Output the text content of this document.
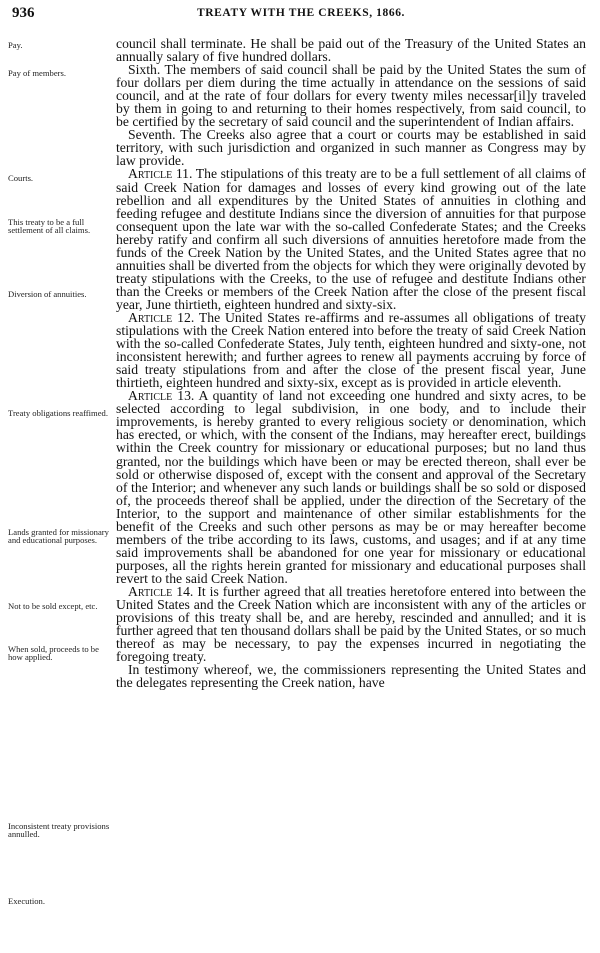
936	TREATY WITH THE CREEKS, 1866.
Pay.
Pay of members.
Courts.
This treaty to be a full settlement of all claims.
Diversion of annuities.
Treaty obligations reaffimed.
Lands granted for missionary and educational purposes.
Not to be sold except, etc.
When sold, proceeds to be how applied.
Inconsistent treaty provisions annulled.
Execution.

council shall terminate. He shall be paid out of the Treasury of the United States an annually salary of five hundred dollars.

Sixth. The members of said council shall be paid by the United States the sum of four dollars per diem during the time actually in attendance on the sessions of said council, and at the rate of four dollars for every twenty miles necessar[il]y traveled by them in going to and returning to their homes respectively, from said council, to be certified by the secretary of said council and the superintendent of Indian affairs.

Seventh. The Creeks also agree that a court or courts may be established in said territory, with such jurisdiction and organized in such manner as Congress may by law provide.

Article 11. The stipulations of this treaty are to be a full settlement of all claims of said Creek Nation for damages and losses of every kind growing out of the late rebellion and all expenditures by the United States of annuities in clothing and feeding refugee and destitute Indians since the diversion of annuities for that purpose consequent upon the late war with the so-called Confederate States; and the Creeks hereby ratify and confirm all such diversions of annuities heretofore made from the funds of the Creek Nation by the United States, and the United States agree that no annuities shall be diverted from the objects for which they were originally devoted by treaty stipulations with the Creeks, to the use of refugee and destitute Indians other than the Creeks or members of the Creek Nation after the close of the present fiscal year, June thirtieth, eighteen hundred and sixty-six.

Article 12. The United States re-affirms and re-assumes all obligations of treaty stipulations with the Creek Nation entered into before the treaty of said Creek Nation with the so-called Confederate States, July tenth, eighteen hundred and sixty-one, not inconsistent herewith; and further agrees to renew all payments accruing by force of said treaty stipulations from and after the close of the present fiscal year, June thirtieth, eighteen hundred and sixty-six, except as is provided in article eleventh.

Article 13. A quantity of land not exceeding one hundred and sixty acres, to be selected according to legal subdivision, in one body, and to include their improvements, is hereby granted to every religious society or denomination, which has erected, or which, with the consent of the Indians, may hereafter erect, buildings within the Creek country for missionary or educational purposes; but no land thus granted, nor the buildings which have been or may be erected thereon, shall ever be sold or otherwise disposed of, except with the consent and approval of the Secretary of the Interior; and whenever any such lands or buildings shall be so sold or disposed of, the proceeds thereof shall be applied, under the direction of the Secretary of the Interior, to the support and maintenance of other similar establishments for the benefit of the Creeks and such other persons as may be or may hereafter become members of the tribe according to its laws, customs, and usages; and if at any time said improvements shall be abandoned for one year for missionary or educational purposes, all the rights herein granted for missionary and educational purposes shall revert to the said Creek Nation.

Article 14. It is further agreed that all treaties heretofore entered into between the United States and the Creek Nation which are inconsistent with any of the articles or provisions of this treaty shall be, and are hereby, rescinded and annulled; and it is further agreed that ten thousand dollars shall be paid by the United States, or so much thereof as may be necessary, to pay the expenses incurred in negotiating the foregoing treaty.

In testimony whereof, we, the commissioners representing the United States and the delegates representing the Creek nation, have
